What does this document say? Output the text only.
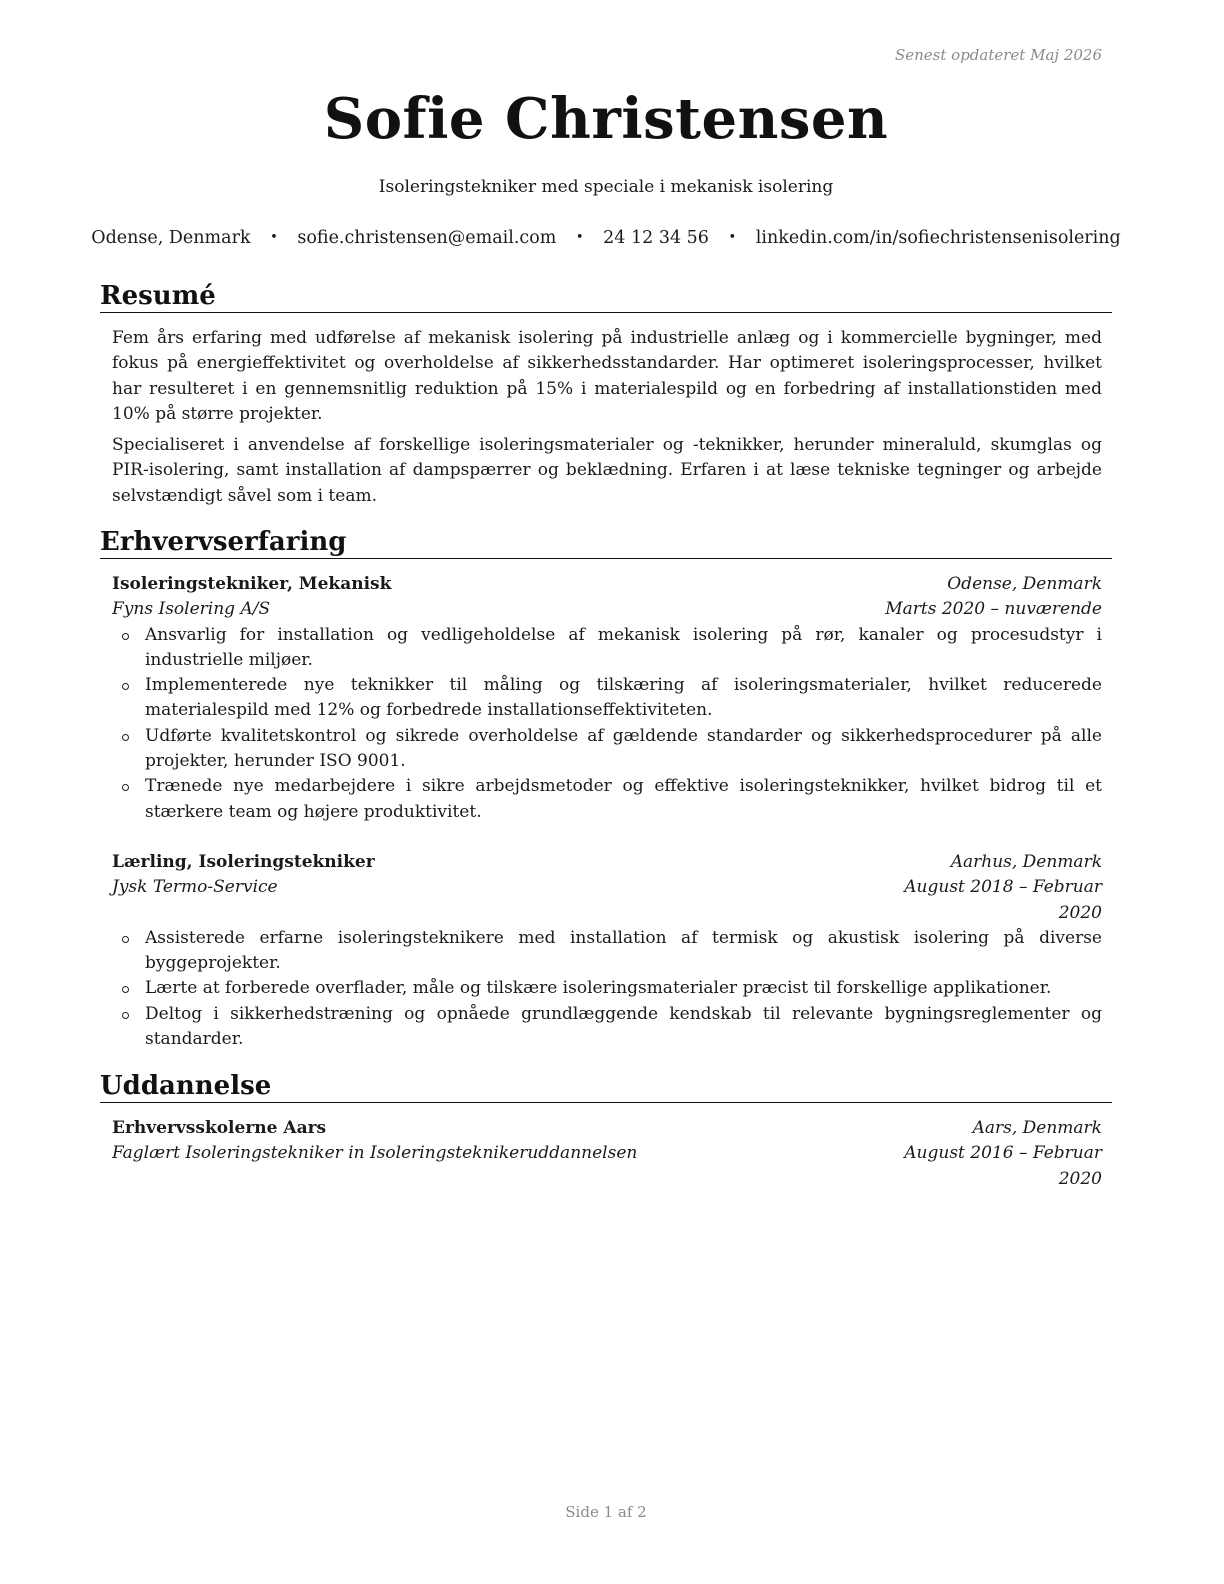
Senest opdateret Maj 2026
Sofie Christensen
Isoleringstekniker med speciale i mekanisk isolering
Odense, Denmark • sofie.christensen@email.com • 24 12 34 56 • linkedin.com/in/sofiechristensenisolering
Resumé

Fem års erfaring med udførelse af mekanisk isolering på industrielle anlæg og i kommercielle bygninger, med fokus på energieffektivitet og overholdelse af sikkerhedsstandarder. Har optimeret isoleringsprocesser, hvilket har resulteret i en gennemsnitlig reduktion på 15% i materialespild og en forbedring af installationstiden med 10% på større projekter.

Specialiseret i anvendelse af forskellige isoleringsmaterialer og -teknikker, herunder mineraluld, skumglas og PIR-isolering, samt installation af dampspærrer og beklædning. Erfaren i at læse tekniske tegninger og arbejde selvstændigt såvel som i team.

Erhvervserfaring
Isoleringstekniker, Mekanisk	Odense, Denmark
Fyns Isolering A/S	Marts 2020 – nuværende
Ansvarlig for installation og vedligeholdelse af mekanisk isolering på rør, kanaler og procesudstyr i industrielle miljøer.
Implementerede nye teknikker til måling og tilskæring af isoleringsmaterialer, hvilket reducerede materialespild med 12% og forbedrede installationseffektiviteten.
Udførte kvalitetskontrol og sikrede overholdelse af gældende standarder og sikkerhedsprocedurer på alle projekter, herunder ISO 9001.
Trænede nye medarbejdere i sikre arbejdsmetoder og effektive isoleringsteknikker, hvilket bidrog til et stærkere team og højere produktivitet.
Lærling, Isoleringstekniker	Aarhus, Denmark
Jysk Termo-Service	August 2018 – Februar 2020
Assisterede erfarne isoleringsteknikere med installation af termisk og akustisk isolering på diverse byggeprojekter.
Lærte at forberede overflader, måle og tilskære isoleringsmaterialer præcist til forskellige applikationer.
Deltog i sikkerhedstræning og opnåede grundlæggende kendskab til relevante bygningsreglementer og standarder.
Uddannelse
Erhvervsskolerne Aars	Aars, Denmark
Faglært Isoleringstekniker in Isoleringsteknikeruddannelsen	August 2016 – Februar 2020
Side 1 af 2
